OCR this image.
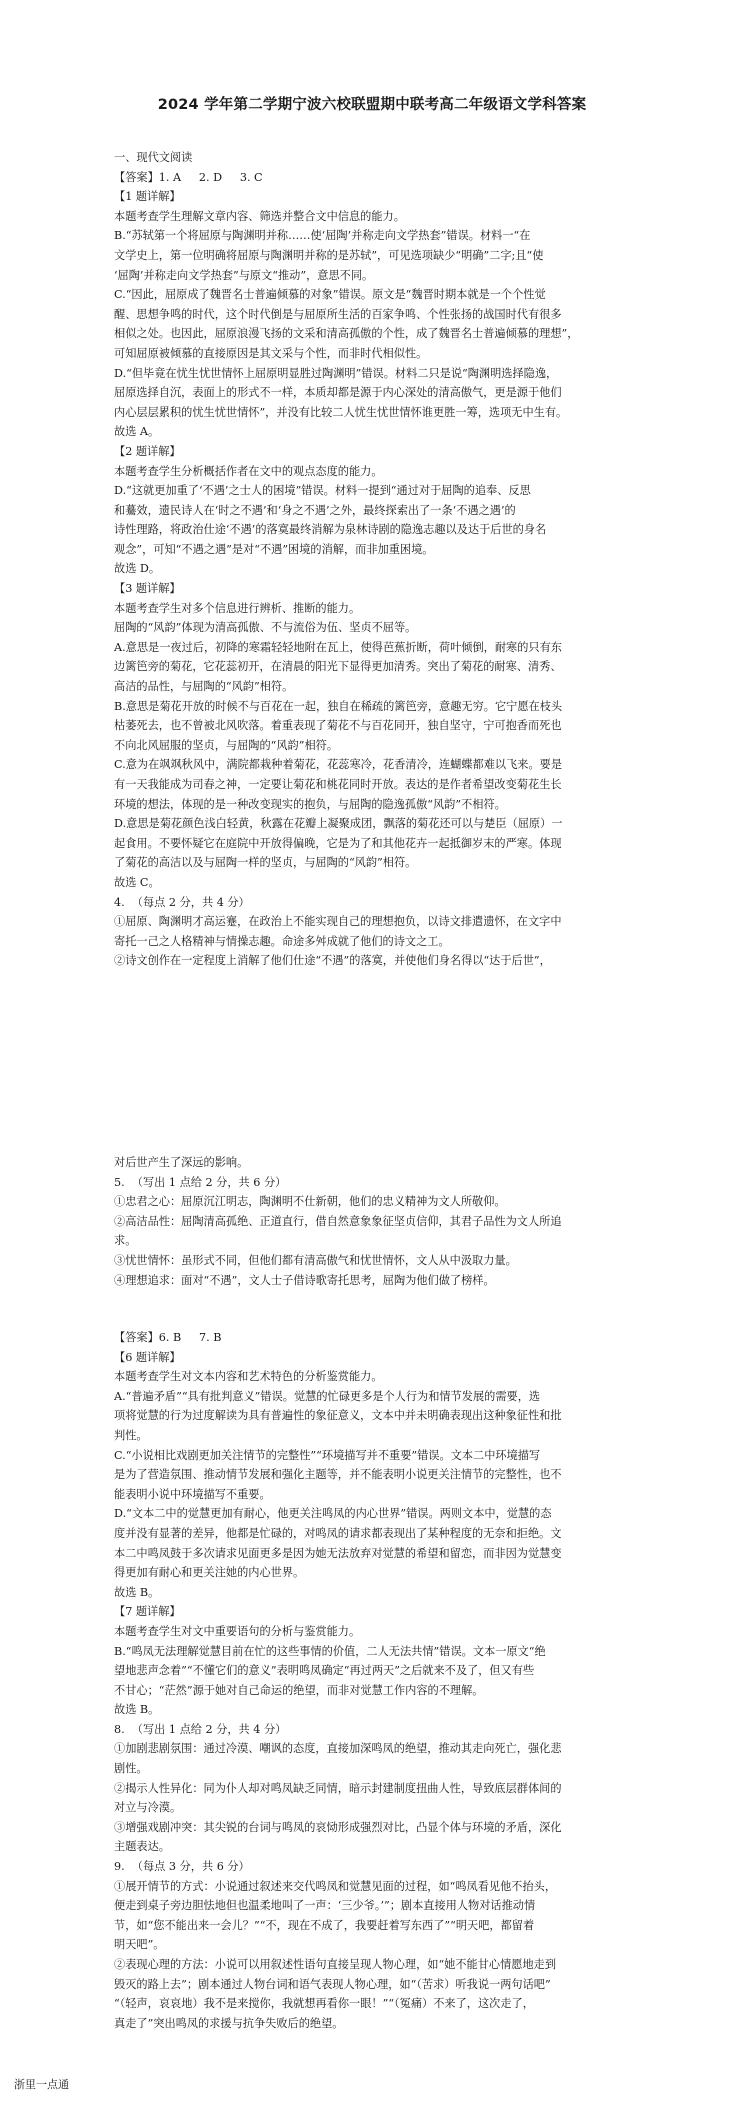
2024 学年第二学期宁波六校联盟期中联考高二年级语文学科答案

一、现代文阅读

【答案】1. A     2. D     3. C

【1 题详解】

本题考查学生理解文章内容、筛选并整合文中信息的能力。

B.“苏轼第一个将屈原与陶渊明并称……使‘屈陶’并称走向文学热套”错误。材料一“在

文学史上，第一位明确将屈原与陶渊明并称的是苏轼”，可见选项缺少“明确”二字;且“使

‘屈陶’并称走向文学热套”与原文“推动”，意思不同。

C.“因此，屈原成了魏晋名士普遍倾慕的对象”错误。原文是“魏晋时期本就是一个个性觉

醒、思想争鸣的时代，这个时代倒是与屈原所生活的百家争鸣、个性张扬的战国时代有很多

相似之处。也因此，屈原浪漫飞扬的文采和清高孤傲的个性，成了魏晋名士普遍倾慕的理想”，

可知屈原被倾慕的直接原因是其文采与个性，而非时代相似性。

D.“但毕竟在忧生忧世情怀上屈原明显胜过陶渊明”错误。材料二只是说“陶渊明选择隐逸，

屈原选择自沉，表面上的形式不一样，本质却都是源于内心深处的清高傲气，更是源于他们

内心层层累积的忧生忧世情怀”，并没有比较二人忧生忧世情怀谁更胜一筹，选项无中生有。

故选 A。

【2 题详解】

本题考查学生分析概括作者在文中的观点态度的能力。

D.“这就更加重了‘不遇’之士人的困境”错误。材料一提到“通过对于屈陶的追奉、反思

和驀效，遗民诗人在‘时之不遇’和‘身之不遇’之外，最终探索出了一条‘不遇之遇’的

诗性理路，将政治仕途‘不遇’的落寞最终消解为泉林诗剧的隐逸志趣以及达于后世的身名

观念”，可知“不遇之遇”是对“不遇”困境的消解，而非加重困境。

故选 D。

【3 题详解】

本题考查学生对多个信息进行辨析、推断的能力。

屈陶的“风韵”体现为清高孤傲、不与流俗为伍、坚贞不屈等。

A.意思是一夜过后，初降的寒霜轻轻地附在瓦上，使得芭蕉折断，荷叶倾倒，耐寒的只有东

边篱笆旁的菊花，它花蕊初开，在清晨的阳光下显得更加清秀。突出了菊花的耐寒、清秀、

高洁的品性，与屈陶的“风韵”相符。

B.意思是菊花开放的时候不与百花在一起，独自在稀疏的篱笆旁，意趣无穷。它宁愿在枝头

枯萎死去，也不曾被北风吹落。着重表现了菊花不与百花同开，独自坚守，宁可抱香而死也

不向北风屈服的坚贞，与屈陶的“风韵”相符。

C.意为在飒飒秋风中，满院都栽种着菊花，花蕊寒冷，花香清冷，连蝴蝶都难以飞来。要是

有一天我能成为司春之神，一定要让菊花和桃花同时开放。表达的是作者希望改变菊花生长

环境的想法，体现的是一种改变现实的抱负，与屈陶的隐逸孤傲“风韵”不相符。

D.意思是菊花颜色浅白轻黄，秋露在花瓣上凝聚成团，飘落的菊花还可以与楚臣（屈原）一

起食用。不要怀疑它在庭院中开放得偏晚，它是为了和其他花卉一起抵御岁末的严寒。体现

了菊花的高洁以及与屈陶一样的坚贞，与屈陶的“风韵”相符。

故选 C。

4.  （每点 2 分，共 4 分）

①屈原、陶渊明才高运蹇，在政治上不能实现自己的理想抱负，以诗文排遣遗怀，在文字中

寄托一己之人格精神与情操志趣。命途多舛成就了他们的诗文之工。

②诗文创作在一定程度上消解了他们仕途“不遇”的落寞，并使他们身名得以“达于后世”，

对后世产生了深远的影响。

5.  （写出 1 点给 2 分，共 6 分）

①忠君之心：屈原沉江明志，陶渊明不仕新朝，他们的忠义精神为文人所敬仰。

②高洁品性：屈陶清高孤绝、正道直行，借自然意象象征坚贞信仰，其君子品性为文人所追

求。

③忧世情怀：虽形式不同，但他们都有清高傲气和忧世情怀，文人从中汲取力量。

④理想追求：面对“不遇”，文人士子借诗歌寄托思考，屈陶为他们做了榜样。

【答案】6. B     7. B

【6 题详解】

本题考查学生对文本内容和艺术特色的分析鉴赏能力。

A.“普遍矛盾”“具有批判意义”错误。觉慧的忙碌更多是个人行为和情节发展的需要，选

项将觉慧的行为过度解读为具有普遍性的象征意义，文本中并未明确表现出这种象征性和批

判性。

C.“小说相比戏剧更加关注情节的完整性”“环境描写并不重要”错误。文本二中环境描写

是为了营造氛围、推动情节发展和强化主题等，并不能表明小说更关注情节的完整性，也不

能表明小说中环境描写不重要。

D.“文本二中的觉慧更加有耐心，他更关注鸣凤的内心世界”错误。两则文本中，觉慧的态

度并没有显著的差异，他都是忙碌的，对鸣凤的请求都表现出了某种程度的无奈和拒绝。文

本二中鸣凤鼓于多次请求见面更多是因为她无法放弃对觉慧的希望和留恋，而非因为觉慧变

得更加有耐心和更关注她的内心世界。

故选 B。

【7 题详解】

本题考查学生对文中重要语句的分析与鉴赏能力。

B.“鸣凤无法理解觉慧目前在忙的这些事情的价值，二人无法共情”错误。文本一原文“绝

望地悲声念着”“不懂它们的意义”表明鸣凤确定“再过两天”之后就来不及了，但又有些

不甘心；“茫然”源于她对自己命运的绝望，而非对觉慧工作内容的不理解。

故选 B。

8.  （写出 1 点给 2 分，共 4 分）

①加剧悲剧氛围：通过冷漠、嘲讽的态度，直接加深鸣凤的绝望，推动其走向死亡，强化悲

剧性。

②揭示人性异化：同为仆人却对鸣凤缺乏同情，暗示封建制度扭曲人性，导致底层群体间的

对立与冷漠。

③增强戏剧冲突：其尖锐的台词与鸣凤的哀恸形成强烈对比，凸显个体与环境的矛盾，深化

主题表达。

9.  （每点 3 分，共 6 分）

①展开情节的方式：小说通过叙述来交代鸣凤和觉慧见面的过程，如“鸣凤看见他不抬头，

便走到桌子旁边胆怯地但也温柔地叫了一声：‘三少爷。’”；剧本直接用人物对话推动情

节，如“您不能出来一会儿？”“不，现在不成了，我要赶着写东西了”“明天吧，都留着

明天吧”。

②表现心理的方法：小说可以用叙述性语句直接呈现人物心理，如“她不能甘心情愿地走到

毁灭的路上去”；剧本通过人物台词和语气表现人物心理，如“（苦求）听我说一两句话吧”

“（轻声，哀哀地）我不是来搅你，我就想再看你一眼！”“（冤痛）不来了，这次走了，

真走了”突出鸣凤的求援与抗争失败后的绝望。

浙里一点通
